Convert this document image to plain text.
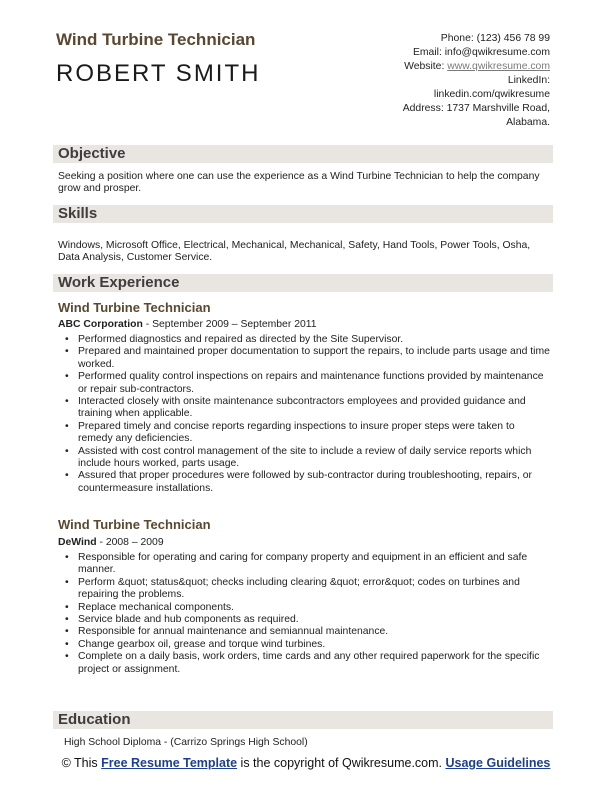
Wind Turbine Technician
ROBERT SMITH
Phone: (123) 456 78 99
Email: info@qwikresume.com
Website: www.qwikresume.com
LinkedIn:
linkedin.com/qwikresume
Address: 1737 Marshville Road,
Alabama.
Objective
Seeking a position where one can use the experience as a Wind Turbine Technician to help the company grow and prosper.
Skills
Windows, Microsoft Office, Electrical, Mechanical, Mechanical, Safety, Hand Tools, Power Tools, Osha, Data Analysis, Customer Service.
Work Experience
Wind Turbine Technician
ABC Corporation - September 2009 – September 2011
• Performed diagnostics and repaired as directed by the Site Supervisor.
• Prepared and maintained proper documentation to support the repairs, to include parts usage and time worked.
• Performed quality control inspections on repairs and maintenance functions provided by maintenance or repair sub-contractors.
• Interacted closely with onsite maintenance subcontractors employees and provided guidance and training when applicable.
• Prepared timely and concise reports regarding inspections to insure proper steps were taken to remedy any deficiencies.
• Assisted with cost control management of the site to include a review of daily service reports which include hours worked, parts usage.
• Assured that proper procedures were followed by sub-contractor during troubleshooting, repairs, or countermeasure installations.
Wind Turbine Technician
DeWind - 2008 – 2009
• Responsible for operating and caring for company property and equipment in an efficient and safe manner.
• Perform &quot; status&quot; checks including clearing &quot; error&quot; codes on turbines and repairing the problems.
• Replace mechanical components.
• Service blade and hub components as required.
• Responsible for annual maintenance and semiannual maintenance.
• Change gearbox oil, grease and torque wind turbines.
• Complete on a daily basis, work orders, time cards and any other required paperwork for the specific project or assignment.
Education
High School Diploma - (Carrizo Springs High School)
© This Free Resume Template is the copyright of Qwikresume.com. Usage Guidelines
